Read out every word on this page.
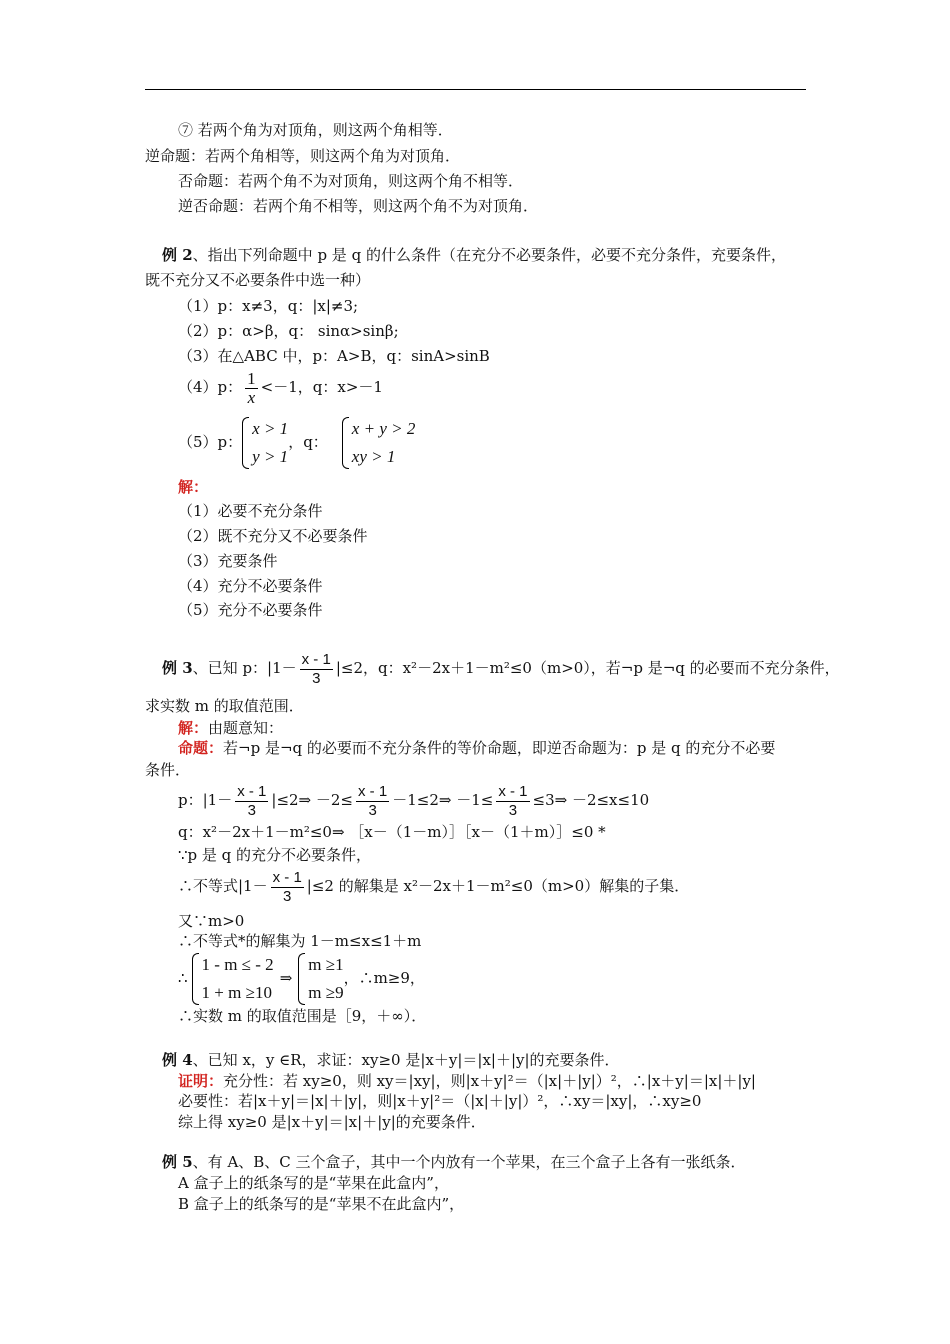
⑦ 若两个角为对顶角，则这两个角相等．
逆命题：若两个角相等，则这两个角为对顶角．
否命题：若两个角不为对顶角，则这两个角不相等．
逆否命题：若两个角不相等，则这两个角不为对顶角．
例 2、指出下列命题中 p 是 q 的什么条件（在充分不必要条件，必要不充分条件，充要条件，
既不充分又不必要条件中选一种）
（1）p：x≠3，q：|x|≠3;
（2）p：α>β，q： sinα>sinβ;
（3）在△ABC 中，p：A>B，q：sinA>sinB
（4）p： $\frac{1}{x} <-1$，q：x>－1
（5）p：
x > 1
y > 1
，q：
x + y > 2
xy > 1
解：
（1）必要不充分条件
（2）既不充分又不必要条件
（3）充要条件
（4）充分不必要条件
（5）充分不必要条件
例 3、已知 p：$|1- \frac{x - 1}{3} |\le 2$，q：x²－2x＋1－m²≤0（m>0），若¬p 是¬q 的必要而不充分条件，
求实数 m 的取值范围．
解：由题意知：
命题：若¬p 是¬q 的必要而不充分条件的等价命题，即逆否命题为：p 是 q 的充分不必要
条件．
p：$|1- \frac{x - 1}{3}$ |≤2⇒ $-2\le \frac{x - 1}{3}$ －1≤2⇒ $-1\le \frac{x - 1}{3}$ ≤3⇒ －2≤x≤10
q：x²－2x＋1－m²≤0⇒ ［x－（1－m）］［x－（1＋m）］≤0 *
∵p 是 q 的充分不必要条件，
∴不等式$|1- \frac{x - 1}{3} |\le 2$ 的解集是 x²－2x＋1－m²≤0（m>0）解集的子集．
又∵m>0
∴不等式*的解集为 1－m≤x≤1＋m
∴
1 - m ≤ - 2
1 + m ≥10
⇒
m ≥1
m ≥9
，∴m≥9，
∴实数 m 的取值范围是［9，＋∞）．
例 4、已知 x，y ∈R，求证：xy≥0 是|x＋y|＝|x|＋|y|的充要条件．
证明：充分性：若 xy≥0，则 xy＝|xy|，则|x＋y|²＝（|x|＋|y|）²，∴|x＋y|＝|x|＋|y|
必要性：若|x＋y|＝|x|＋|y|，则|x＋y|²＝（|x|＋|y|）²，∴xy＝|xy|，∴xy≥0
综上得 xy≥0 是|x＋y|＝|x|＋|y|的充要条件．
例 5、有 A、B、C 三个盒子，其中一个内放有一个苹果，在三个盒子上各有一张纸条．
A 盒子上的纸条写的是“苹果在此盒内”，
B 盒子上的纸条写的是“苹果不在此盒内”，
